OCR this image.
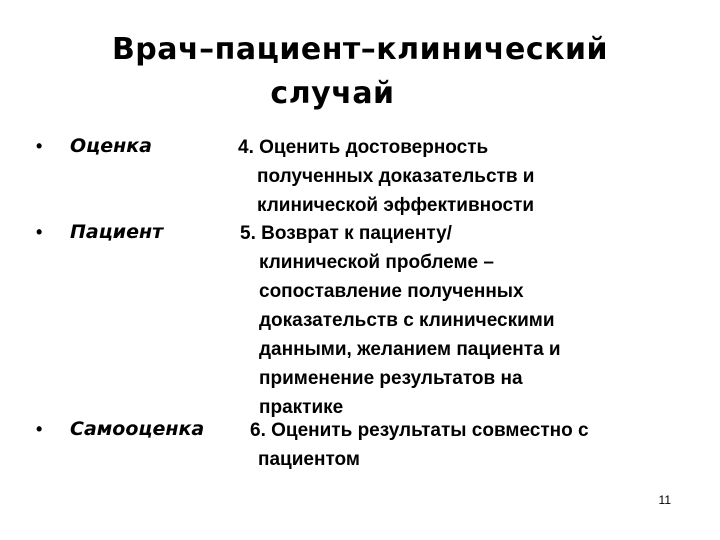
Врач–пациент–клинический
случай
• Оценка	4. Оценить достоверность
полученных доказательств и
клинической эффективности
• Пациент	5. Возврат к пациенту/
клинической проблеме –
сопоставление полученных
доказательств с клиническими
данными, желанием пациента и
применение результатов на
практике
• Самооценка 6. Оценить результаты совместно с
пациентом
11
